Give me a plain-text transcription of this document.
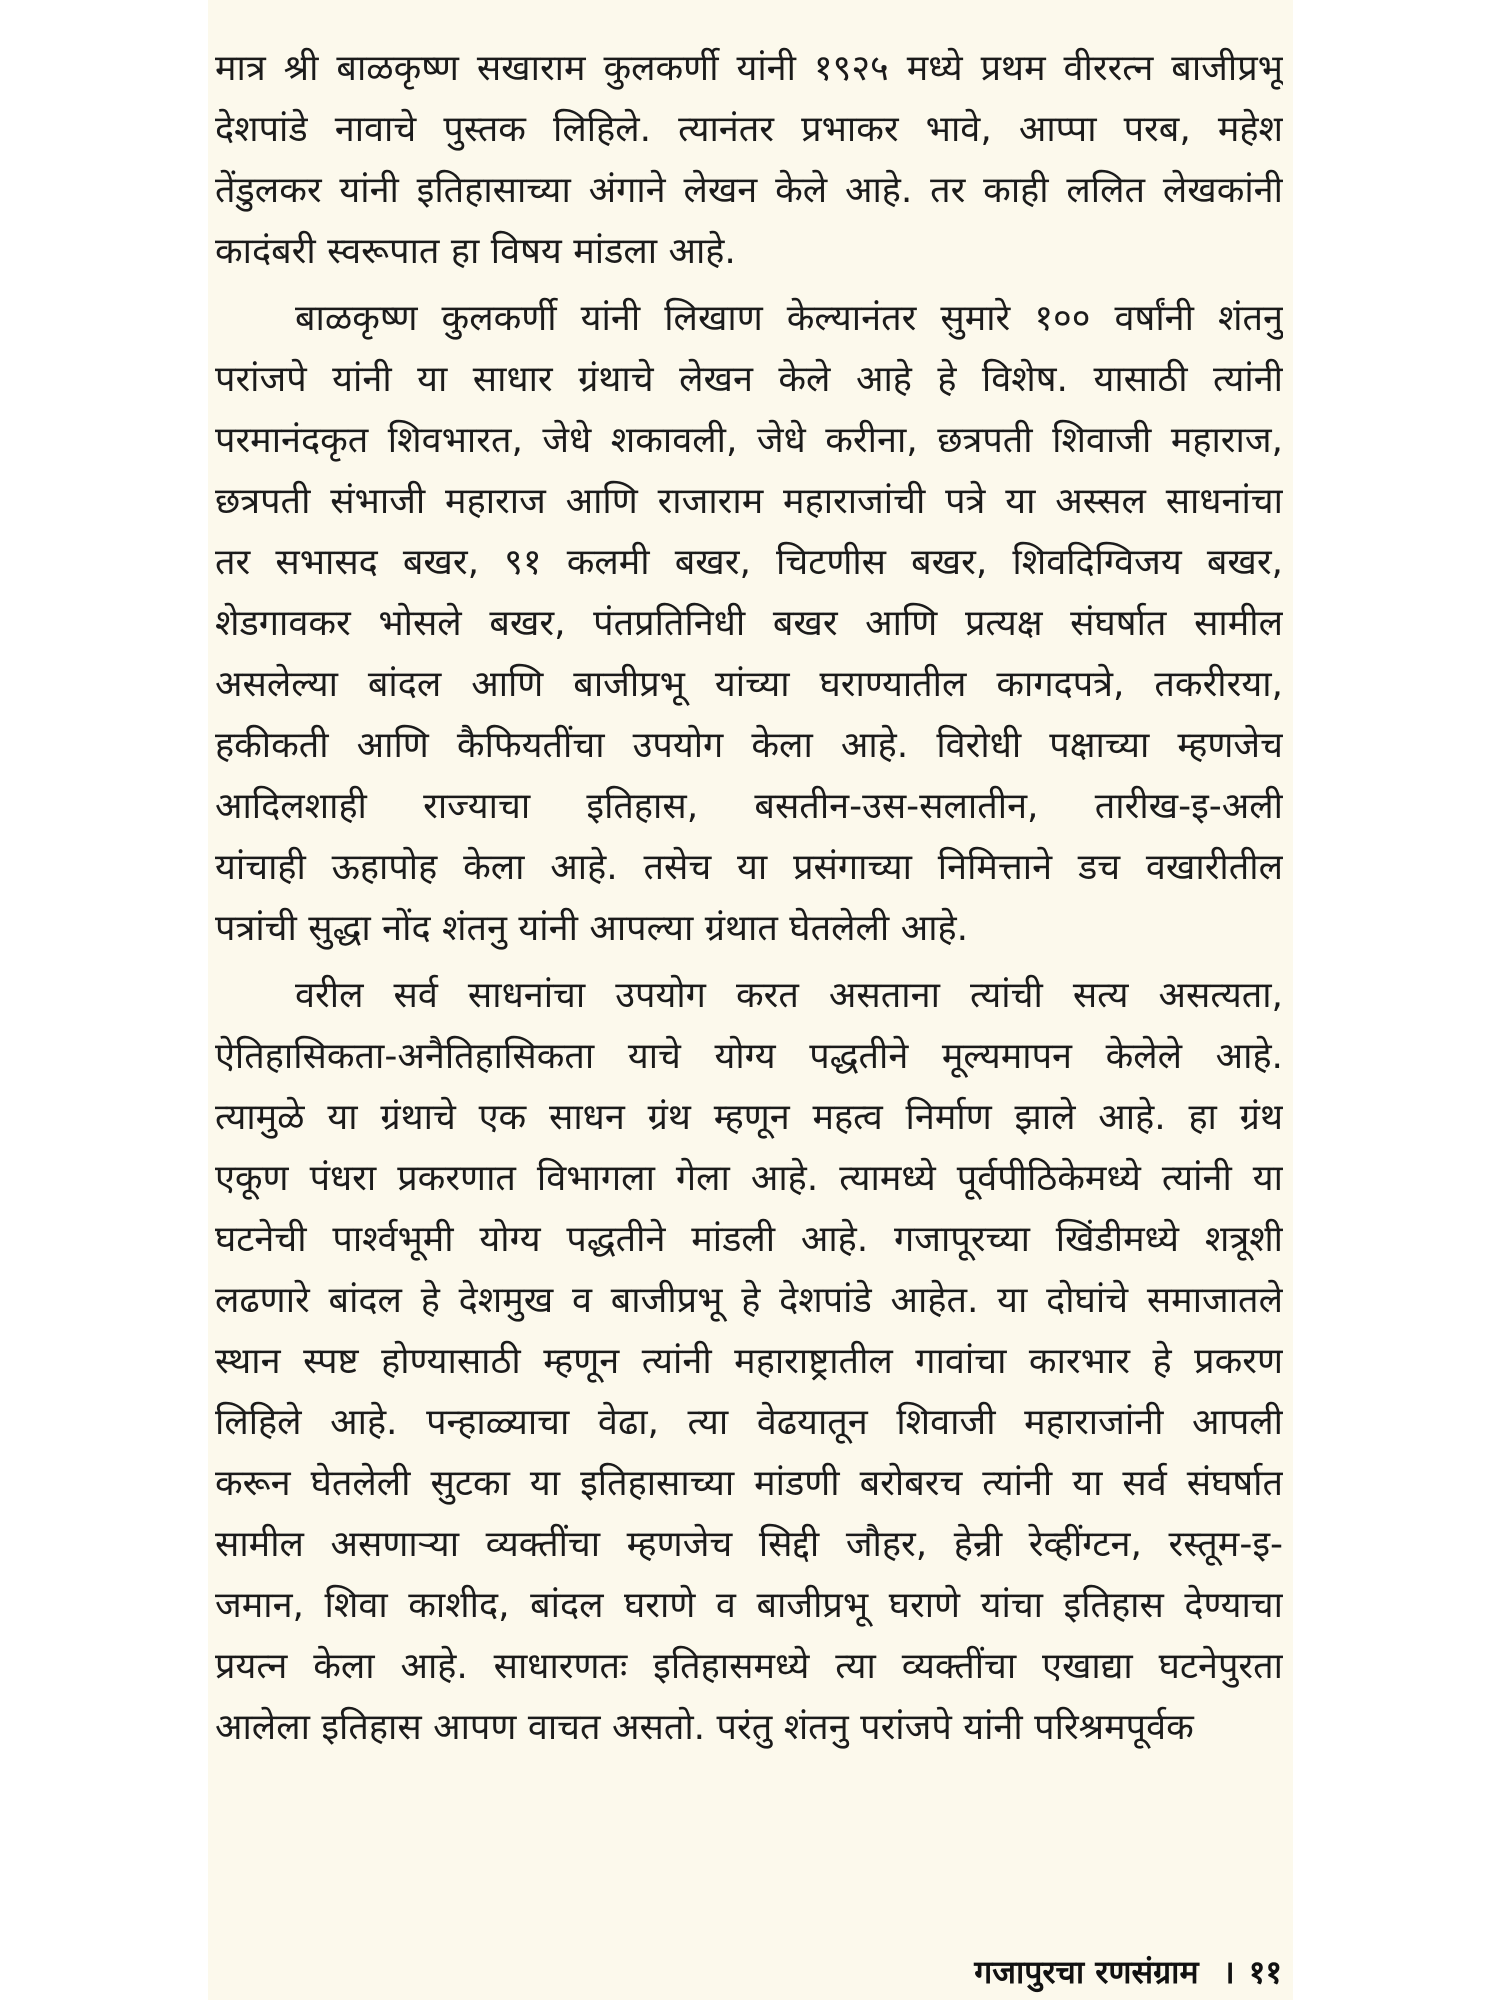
मात्र श्री बाळकृष्ण सखाराम कुलकर्णी यांनी १९२५ मध्ये प्रथम वीररत्न बाजीप्रभू
देशपांडे नावाचे पुस्तक लिहिले. त्यानंतर प्रभाकर भावे, आप्पा परब, महेश
तेंडुलकर यांनी इतिहासाच्या अंगाने लेखन केले आहे. तर काही ललित लेखकांनी
कादंबरी स्वरूपात हा विषय मांडला आहे.
बाळकृष्ण कुलकर्णी यांनी लिखाण केल्यानंतर सुमारे १०० वर्षांनी शंतनु
परांजपे यांनी या साधार ग्रंथाचे लेखन केले आहे हे विशेष. यासाठी त्यांनी
परमानंदकृत शिवभारत, जेधे शकावली, जेधे करीना, छत्रपती शिवाजी महाराज,
छत्रपती संभाजी महाराज आणि राजाराम महाराजांची पत्रे या अस्सल साधनांचा
तर सभासद बखर, ९१ कलमी बखर, चिटणीस बखर, शिवदिग्विजय बखर,
शेडगावकर भोसले बखर, पंतप्रतिनिधी बखर आणि प्रत्यक्ष संघर्षात सामील
असलेल्या बांदल आणि बाजीप्रभू यांच्या घराण्यातील कागदपत्रे, तकरीरया,
हकीकती आणि कैफियतींचा उपयोग केला आहे. विरोधी पक्षाच्या म्हणजेच
आदिलशाही राज्याचा इतिहास, बसतीन-उस-सलातीन, तारीख-इ-अली
यांचाही ऊहापोह केला आहे. तसेच या प्रसंगाच्या निमित्ताने डच वखारीतील
पत्रांची सुद्धा नोंद शंतनु यांनी आपल्या ग्रंथात घेतलेली आहे.
वरील सर्व साधनांचा उपयोग करत असताना त्यांची सत्य असत्यता,
ऐतिहासिकता-अनैतिहासिकता याचे योग्य पद्धतीने मूल्यमापन केलेले आहे.
त्यामुळे या ग्रंथाचे एक साधन ग्रंथ म्हणून महत्व निर्माण झाले आहे. हा ग्रंथ
एकूण पंधरा प्रकरणात विभागला गेला आहे. त्यामध्ये पूर्वपीठिकेमध्ये त्यांनी या
घटनेची पार्श्वभूमी योग्य पद्धतीने मांडली आहे. गजापूरच्या खिंडीमध्ये शत्रूशी
लढणारे बांदल हे देशमुख व बाजीप्रभू हे देशपांडे आहेत. या दोघांचे समाजातले
स्थान स्पष्ट होण्यासाठी म्हणून त्यांनी महाराष्ट्रातील गावांचा कारभार हे प्रकरण
लिहिले आहे. पन्हाळ्याचा वेढा, त्या वेढयातून शिवाजी महाराजांनी आपली
करून घेतलेली सुटका या इतिहासाच्या मांडणी बरोबरच त्यांनी या सर्व संघर्षात
सामील असणाऱ्या व्यक्तींचा म्हणजेच सिद्दी जौहर, हेन्री रेव्हींग्टन, रस्तूम-इ-
जमान, शिवा काशीद, बांदल घराणे व बाजीप्रभू घराणे यांचा इतिहास देण्याचा
प्रयत्न केला आहे. साधारणतः इतिहासमध्ये त्या व्यक्तींचा एखाद्या घटनेपुरता
आलेला इतिहास आपण वाचत असतो. परंतु शंतनु परांजपे यांनी परिश्रमपूर्वक
गजापुरचा रणसंग्राम । ११
